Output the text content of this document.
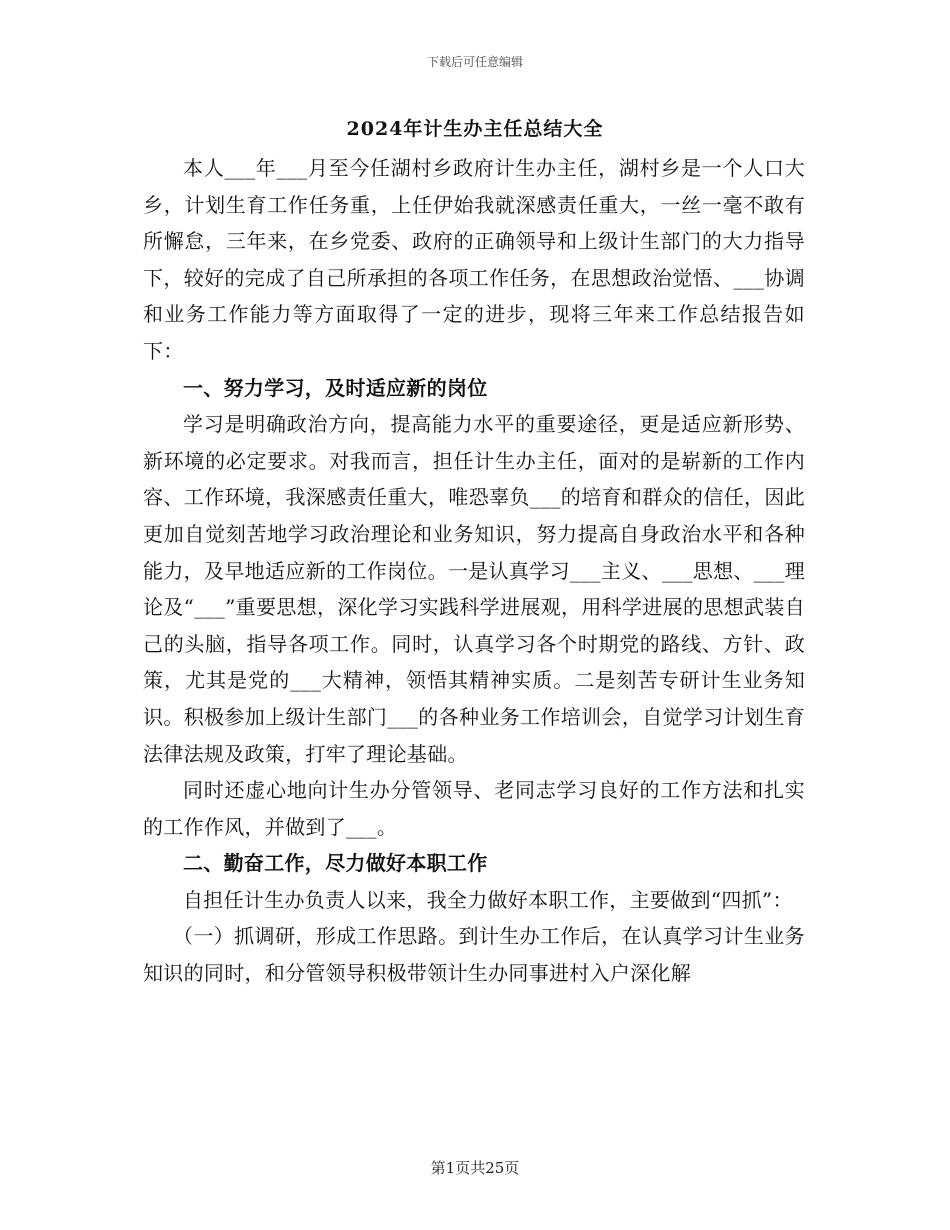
下载后可任意编辑
2024年计生办主任总结大全

本人___年___月至今任湖村乡政府计生办主任，湖村乡是一个人口大乡，计划生育工作任务重，上任伊始我就深感责任重大，一丝一毫不敢有所懈怠，三年来，在乡党委、政府的正确领导和上级计生部门的大力指导下，较好的完成了自己所承担的各项工作任务，在思想政治觉悟、___协调和业务工作能力等方面取得了一定的进步，现将三年来工作总结报告如下：

一、努力学习，及时适应新的岗位

学习是明确政治方向，提高能力水平的重要途径，更是适应新形势、新环境的必定要求。对我而言，担任计生办主任，面对的是崭新的工作内容、工作环境，我深感责任重大，唯恐辜负___的培育和群众的信任，因此更加自觉刻苦地学习政治理论和业务知识，努力提高自身政治水平和各种能力，及早地适应新的工作岗位。一是认真学习___主义、___思想、___理论及“___”重要思想，深化学习实践科学进展观，用科学进展的思想武装自己的头脑，指导各项工作。同时，认真学习各个时期党的路线、方针、政策，尤其是党的___大精神，领悟其精神实质。二是刻苦专研计生业务知识。积极参加上级计生部门___的各种业务工作培训会，自觉学习计划生育法律法规及政策，打牢了理论基础。

同时还虚心地向计生办分管领导、老同志学习良好的工作方法和扎实的工作作风，并做到了___。

二、勤奋工作，尽力做好本职工作

自担任计生办负责人以来，我全力做好本职工作，主要做到“四抓”：

（一）抓调研，形成工作思路。到计生办工作后，在认真学习计生业务知识的同时，和分管领导积极带领计生办同事进村入户深化解

第1页共25页
